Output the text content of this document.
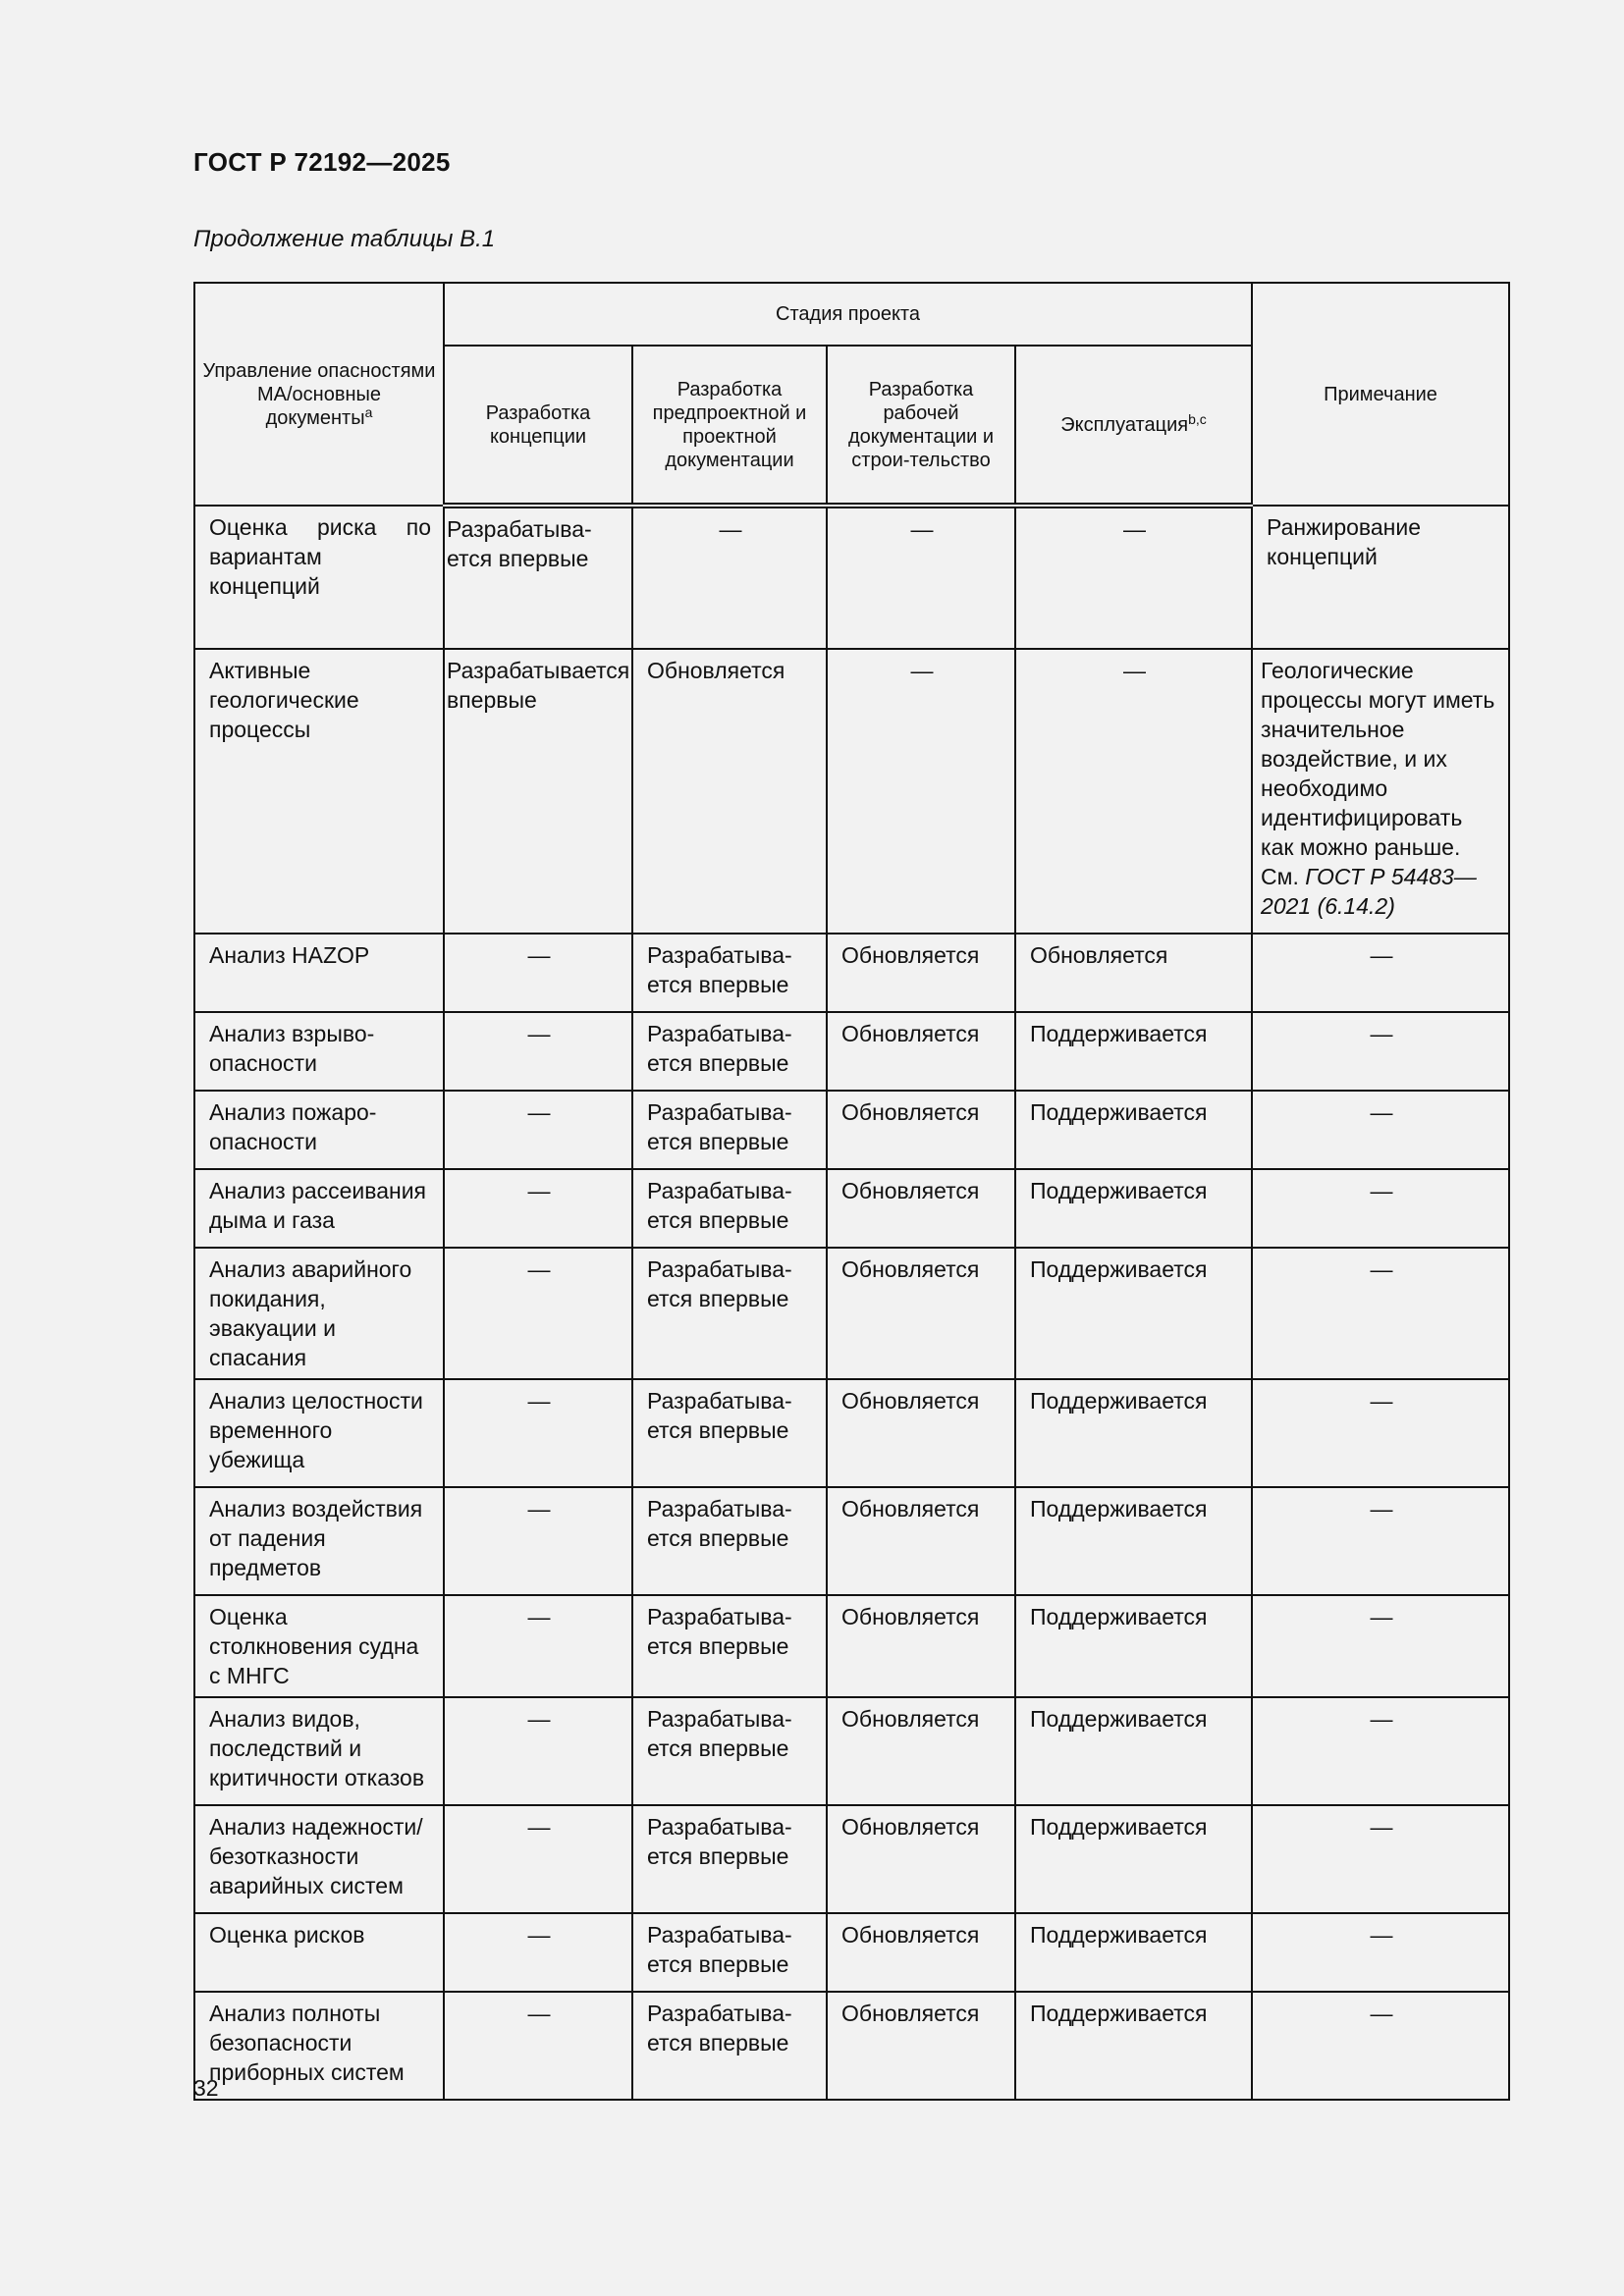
ГОСТ Р 72192—2025
Продолжение таблицы В.1
Управление опасностями МА/основные документы$^a$	Стадия проекта				Примечание
	Разработка концепции	Разработка предпроектной и проектной документации	Разработка рабочей документации и строи-тельство	Эксплуатация$^{b,c}$
Оценка риска по вариантам концепций	Разрабатыва-ется впервые	—	—	—	Ранжирование концепций
Активные геологические процессы	Разрабатывается впервые	Обновляется	—	—	Геологические процессы могут иметь значительное воздействие, и их необходимо идентифицировать как можно раньше. См. ГОСТ Р 54483—2021 (6.14.2)
Анализ HAZOP	—	Разрабатыва-ется впервые	Обновляется	Обновляется	—
Анализ взрыво-опасности	—	Разрабатыва-ется впервые	Обновляется	Поддерживается	—
Анализ пожаро-опасности	—	Разрабатыва-ется впервые	Обновляется	Поддерживается	—
Анализ рассеивания дыма и газа	—	Разрабатыва-ется впервые	Обновляется	Поддерживается	—
Анализ аварийного покидания, эвакуации и спасания	—	Разрабатыва-ется впервые	Обновляется	Поддерживается	—
Анализ целостности временного убежища	—	Разрабатыва-ется впервые	Обновляется	Поддерживается	—
Анализ воздействия от падения предметов	—	Разрабатыва-ется впервые	Обновляется	Поддерживается	—
Оценка столкновения судна с МНГС	—	Разрабатыва-ется впервые	Обновляется	Поддерживается	—
Анализ видов, последствий и критичности отказов	—	Разрабатыва-ется впервые	Обновляется	Поддерживается	—
Анализ надежности/безотказности аварийных систем	—	Разрабатыва-ется впервые	Обновляется	Поддерживается	—
Оценка рисков	—	Разрабатыва-ется впервые	Обновляется	Поддерживается	—
Анализ полноты безопасности приборных систем	—	Разрабатыва-ется впервые	Обновляется	Поддерживается	—
32
